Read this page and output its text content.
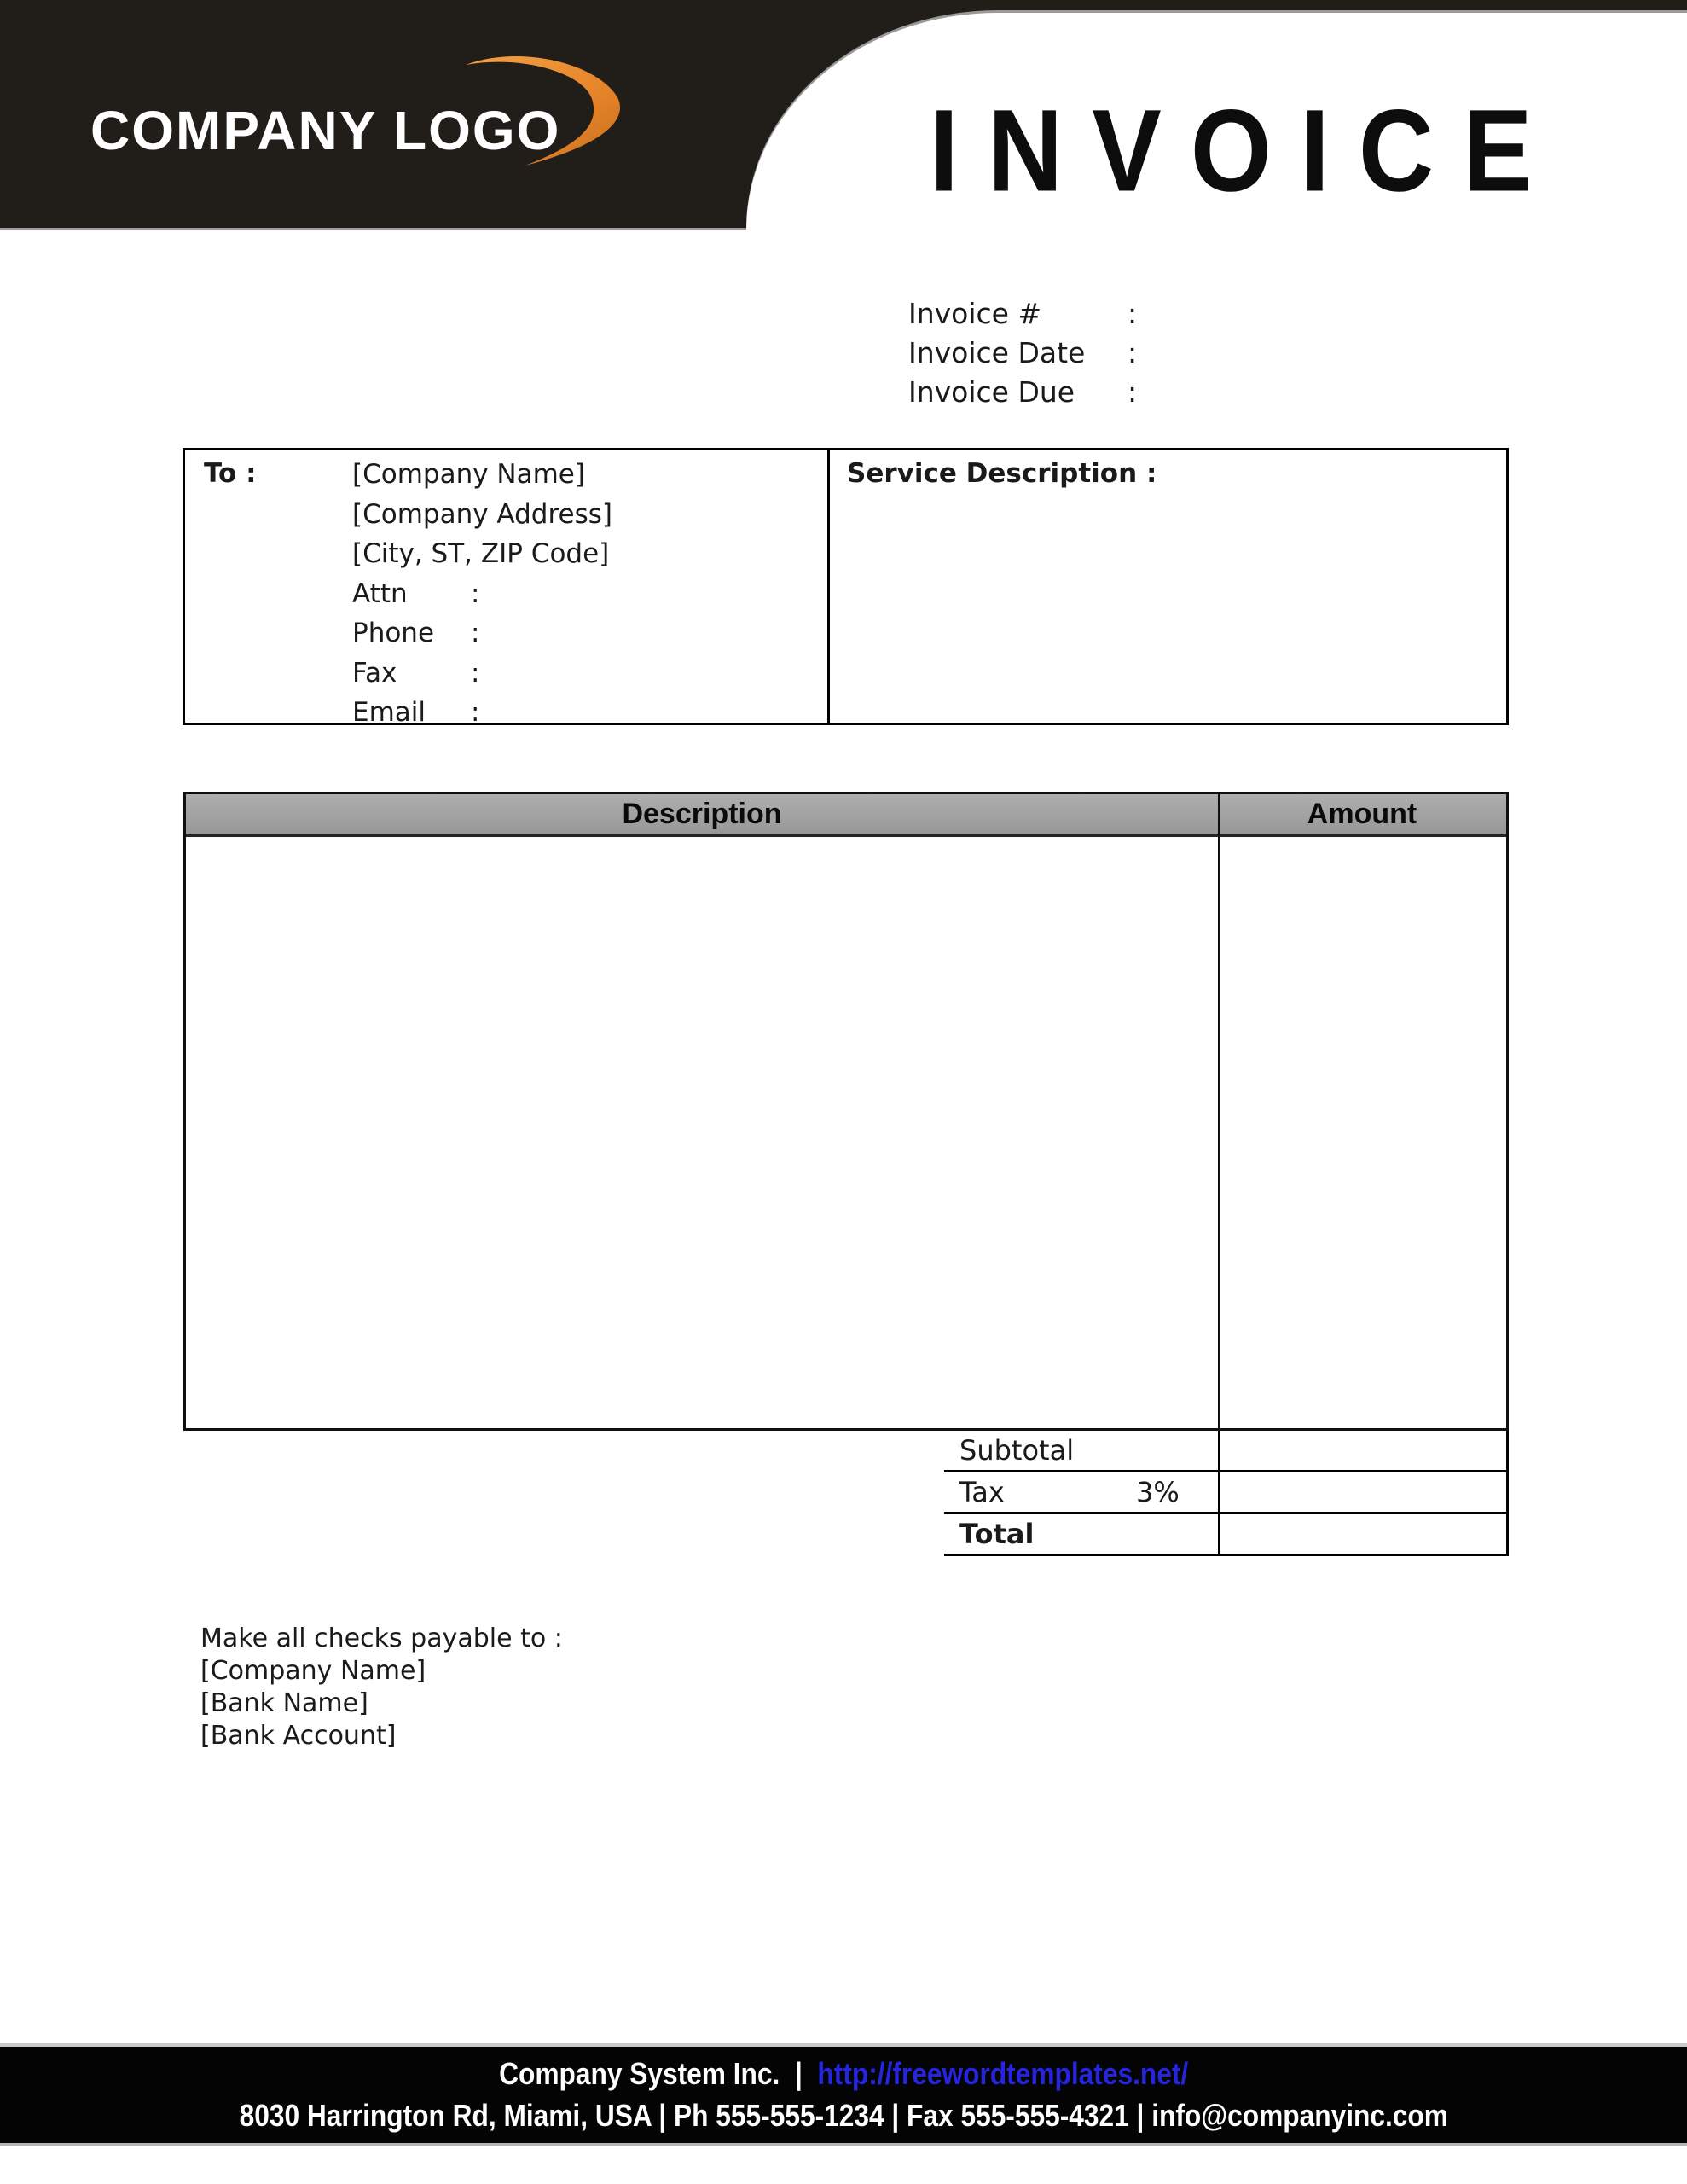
COMPANY LOGO	INVOICE
Invoice #	:
Invoice Date	:
Invoice Due	:
To :	[Company Name]
[Company Address]
[City, ST, ZIP Code]
Attn	:
Phone	:
Fax	:
Email	:
Service Description :
Description	Amount
Subtotal
Tax	3%
Total
Make all checks payable to :
[Company Name]
[Bank Name]
[Bank Account]
Company System Inc. | http://freewordtemplates.net/
8030 Harrington Rd, Miami, USA | Ph 555-555-1234 | Fax 555-555-4321 | info@companyinc.com
